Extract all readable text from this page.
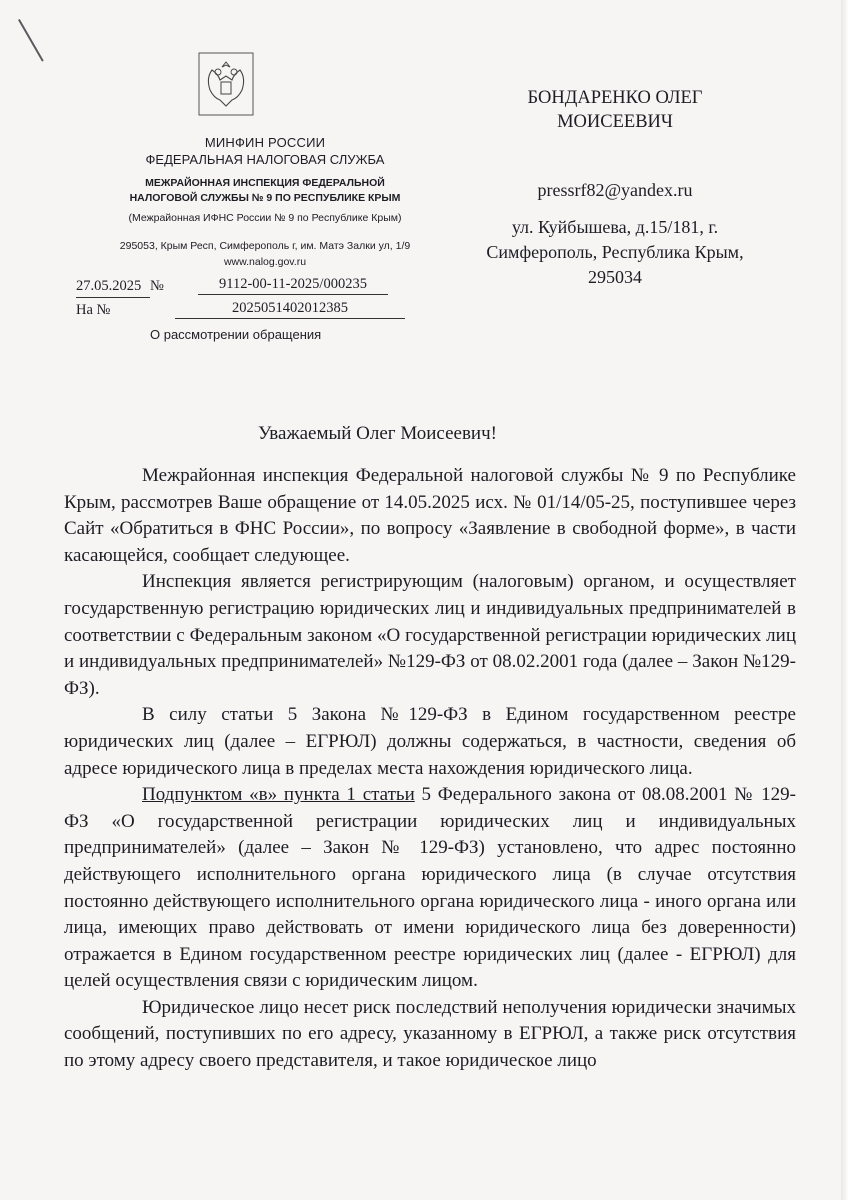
МИНФИН РОССИИ
ФЕДЕРАЛЬНАЯ НАЛОГОВАЯ СЛУЖБА
МЕЖРАЙОННАЯ ИНСПЕКЦИЯ ФЕДЕРАЛЬНОЙ
НАЛОГОВОЙ СЛУЖБЫ № 9 ПО РЕСПУБЛИКЕ КРЫМ
(Межрайонная ИФНС России № 9 по Республике Крым)
295053, Крым Респ, Симферополь г, им. Матэ Залки ул, 1/9
www.nalog.gov.ru
БОНДАРЕНКО ОЛЕГ
МОИСЕЕВИЧ
pressrf82@yandex.ru
ул. Куйбышева, д.15/181, г.
Симферополь, Республика Крым,
295034
27.05.2025 №	9112-00-11-2025/000235
На №	2025051402012385
О рассмотрении обращения
Уважаемый Олег Моисеевич!

Межрайонная инспекция Федеральной налоговой службы № 9 по Республике Крым, рассмотрев Ваше обращение от 14.05.2025 исх. № 01/14/05-25, поступившее через Сайт «Обратиться в ФНС России», по вопросу «Заявление в свободной форме», в части касающейся, сообщает следующее.

Инспекция является регистрирующим (налоговым) органом, и осуществляет государственную регистрацию юридических лиц и индивидуальных предпринимателей в соответствии с Федеральным законом «О государственной регистрации юридических лиц и индивидуальных предпринимателей» №129-ФЗ от 08.02.2001 года (далее – Закон №129-ФЗ).

В силу статьи 5 Закона №129-ФЗ в Едином государственном реестре юридических лиц (далее – ЕГРЮЛ) должны содержаться, в частности, сведения об адресе юридического лица в пределах места нахождения юридического лица.

Подпунктом «в» пункта 1 статьи 5 Федерального закона от 08.08.2001 № 129-ФЗ «О государственной регистрации юридических лиц и индивидуальных предпринимателей» (далее – Закон № 129-ФЗ) установлено, что адрес постоянно действующего исполнительного органа юридического лица (в случае отсутствия постоянно действующего исполнительного органа юридического лица - иного органа или лица, имеющих право действовать от имени юридического лица без доверенности) отражается в Едином государственном реестре юридических лиц (далее - ЕГРЮЛ) для целей осуществления связи с юридическим лицом.

Юридическое лицо несет риск последствий неполучения юридически значимых сообщений, поступивших по его адресу, указанному в ЕГРЮЛ, а также риск отсутствия по этому адресу своего представителя, и такое юридическое лицо
